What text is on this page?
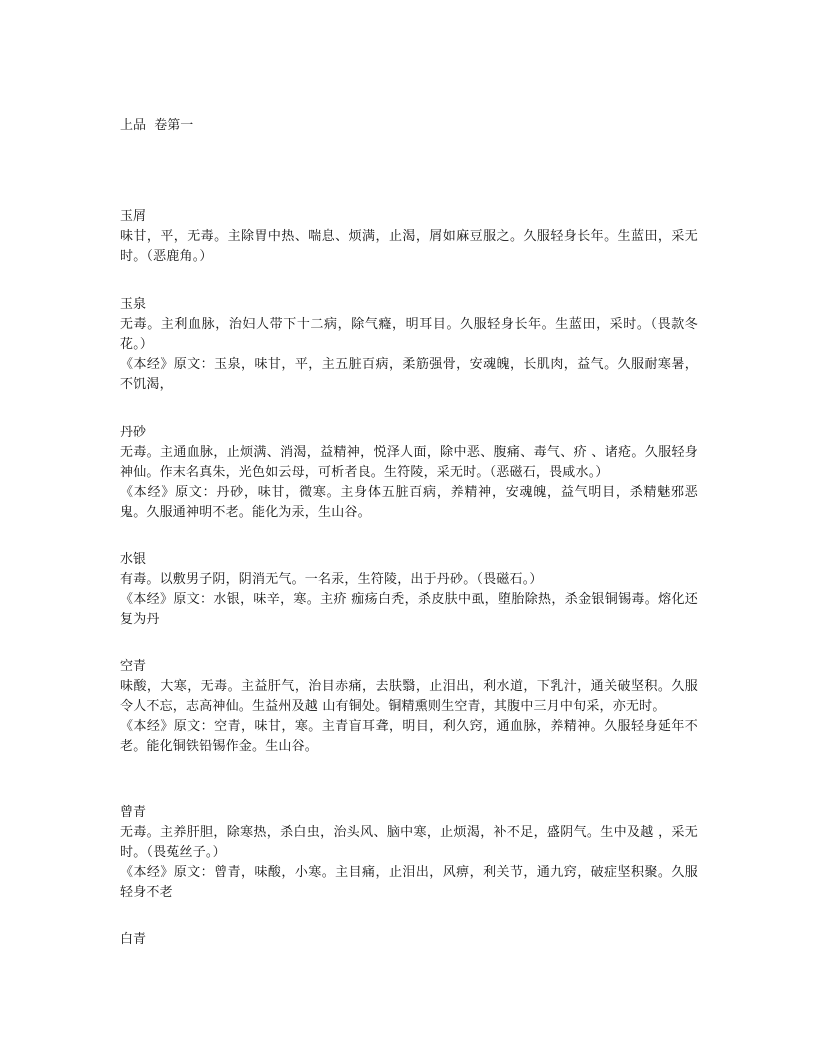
上品  卷第一

玉屑

味甘，平，无毒。主除胃中热、喘息、烦满，止渴，屑如麻豆服之。久服轻身长年。生蓝田，采无时。（恶鹿角。）

玉泉

无毒。主利血脉，治妇人带下十二病，除气癃，明耳目。久服轻身长年。生蓝田，采时。（畏款冬花。）

《本经》原文：玉泉，味甘，平，主五脏百病，柔筋强骨，安魂魄，长肌肉，益气。久服耐寒暑，不饥渴，

丹砂

无毒。主通血脉，止烦满、消渴，益精神，悦泽人面，除中恶、腹痛、毒气、疥 、诸疮。久服轻身神仙。作末名真朱，光色如云母，可析者良。生符陵，采无时。（恶磁石，畏咸水。）

《本经》原文：丹砂，味甘，微寒。主身体五脏百病，养精神，安魂魄，益气明目，杀精魅邪恶鬼。久服通神明不老。能化为汞，生山谷。

水银

有毒。以敷男子阴，阴消无气。一名汞，生符陵，出于丹砂。（畏磁石。）

《本经》原文：水银，味辛，寒。主疥 痂疡白秃，杀皮肤中虱，堕胎除热，杀金银铜锡毒。熔化还复为丹

空青

味酸，大寒，无毒。主益肝气，治目赤痛，去肤翳，止泪出，利水道，下乳汁，通关破坚积。久服令人不忘，志高神仙。生益州及越 山有铜处。铜精熏则生空青，其腹中三月中旬采，亦无时。

《本经》原文：空青，味甘，寒。主青盲耳聋，明目，利久窍，通血脉，养精神。久服轻身延年不老。能化铜铁铅锡作金。生山谷。

曾青

无毒。主养肝胆，除寒热，杀白虫，治头风、脑中寒，止烦渴，补不足，盛阴气。生中及越 ，采无时。（畏菟丝子。）

《本经》原文：曾青，味酸，小寒。主目痛，止泪出，风痹，利关节，通九窍，破症坚积聚。久服轻身不老

白青
